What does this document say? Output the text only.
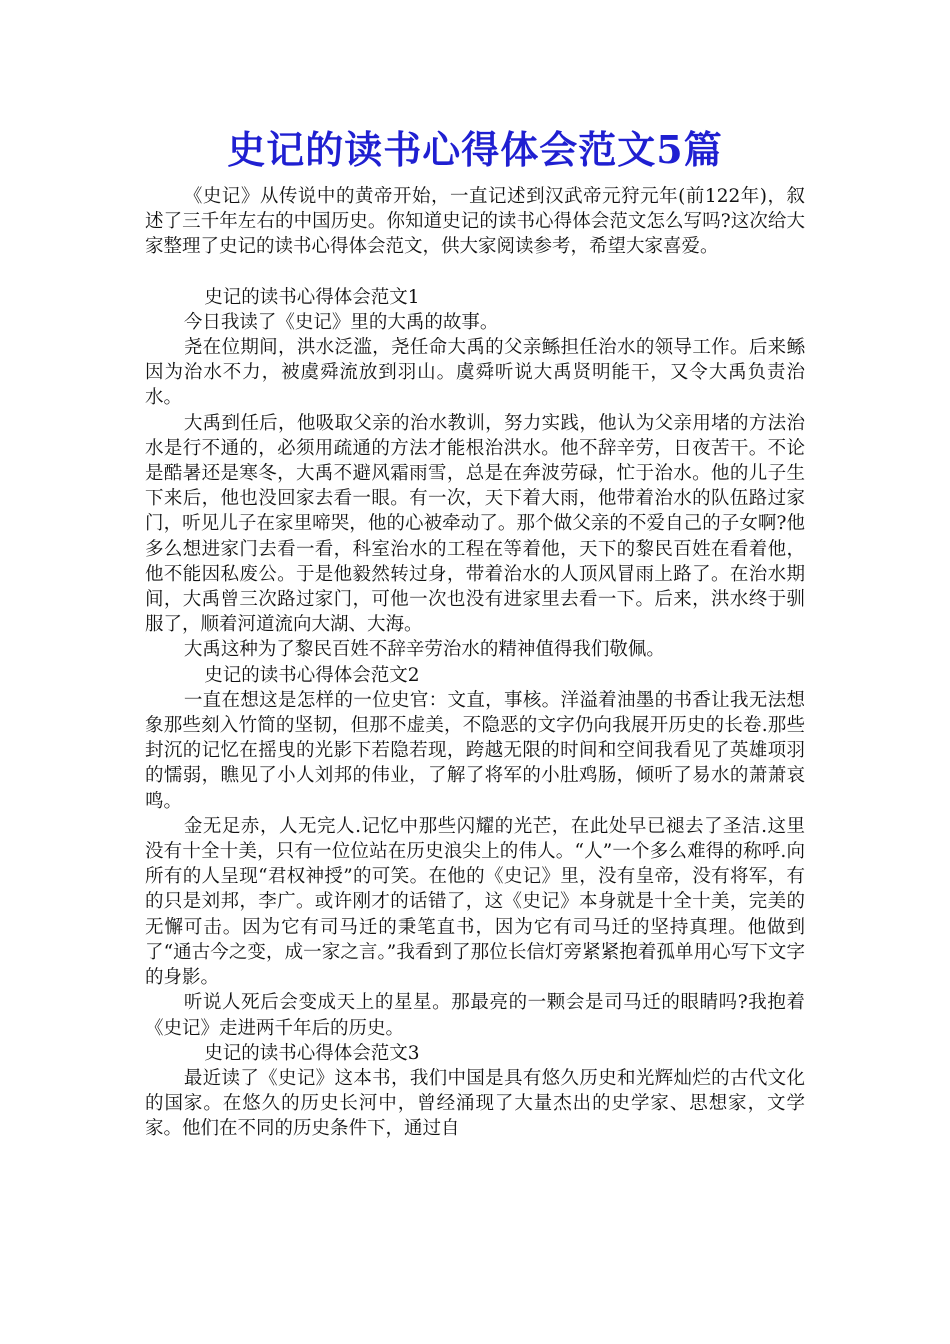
史记的读书心得体会范文5篇

《史记》从传说中的黄帝开始，一直记述到汉武帝元狩元年(前122年)，叙述了三千年左右的中国历史。你知道史记的读书心得体会范文怎么写吗?这次给大家整理了史记的读书心得体会范文，供大家阅读参考，希望大家喜爱。

史记的读书心得体会范文1

今日我读了《史记》里的大禹的故事。

尧在位期间，洪水泛滥，尧任命大禹的父亲鲧担任治水的领导工作。后来鲧因为治水不力，被虞舜流放到羽山。虞舜听说大禹贤明能干，又令大禹负责治水。

大禹到任后，他吸取父亲的治水教训，努力实践，他认为父亲用堵的方法治水是行不通的，必须用疏通的方法才能根治洪水。他不辞辛劳，日夜苦干。不论是酷暑还是寒冬，大禹不避风霜雨雪，总是在奔波劳碌，忙于治水。他的儿子生下来后，他也没回家去看一眼。有一次，天下着大雨，他带着治水的队伍路过家门，听见儿子在家里啼哭，他的心被牵动了。那个做父亲的不爱自己的子女啊?他多么想进家门去看一看，科室治水的工程在等着他，天下的黎民百姓在看着他，他不能因私废公。于是他毅然转过身，带着治水的人顶风冒雨上路了。在治水期间，大禹曾三次路过家门，可他一次也没有进家里去看一下。后来，洪水终于驯服了，顺着河道流向大湖、大海。

大禹这种为了黎民百姓不辞辛劳治水的精神值得我们敬佩。

史记的读书心得体会范文2

一直在想这是怎样的一位史官：文直，事核。洋溢着油墨的书香让我无法想象那些刻入竹简的坚韧，但那不虚美，不隐恶的文字仍向我展开历史的长卷.那些封沉的记忆在摇曳的光影下若隐若现，跨越无限的时间和空间我看见了英雄项羽的懦弱，瞧见了小人刘邦的伟业，了解了将军的小肚鸡肠，倾听了易水的萧萧哀鸣。

金无足赤，人无完人.记忆中那些闪耀的光芒，在此处早已褪去了圣洁.这里没有十全十美，只有一位位站在历史浪尖上的伟人。“人”一个多么难得的称呼.向所有的人呈现“君权神授”的可笑。在他的《史记》里，没有皇帝，没有将军，有的只是刘邦，李广。或许刚才的话错了，这《史记》本身就是十全十美，完美的无懈可击。因为它有司马迁的秉笔直书，因为它有司马迁的坚持真理。他做到了“通古今之变，成一家之言。”我看到了那位长信灯旁紧紧抱着孤单用心写下文字的身影。

听说人死后会变成天上的星星。那最亮的一颗会是司马迁的眼睛吗?我抱着《史记》走进两千年后的历史。

史记的读书心得体会范文3

最近读了《史记》这本书，我们中国是具有悠久历史和光辉灿烂的古代文化的国家。在悠久的历史长河中，曾经涌现了大量杰出的史学家、思想家，文学家。他们在不同的历史条件下，通过自
